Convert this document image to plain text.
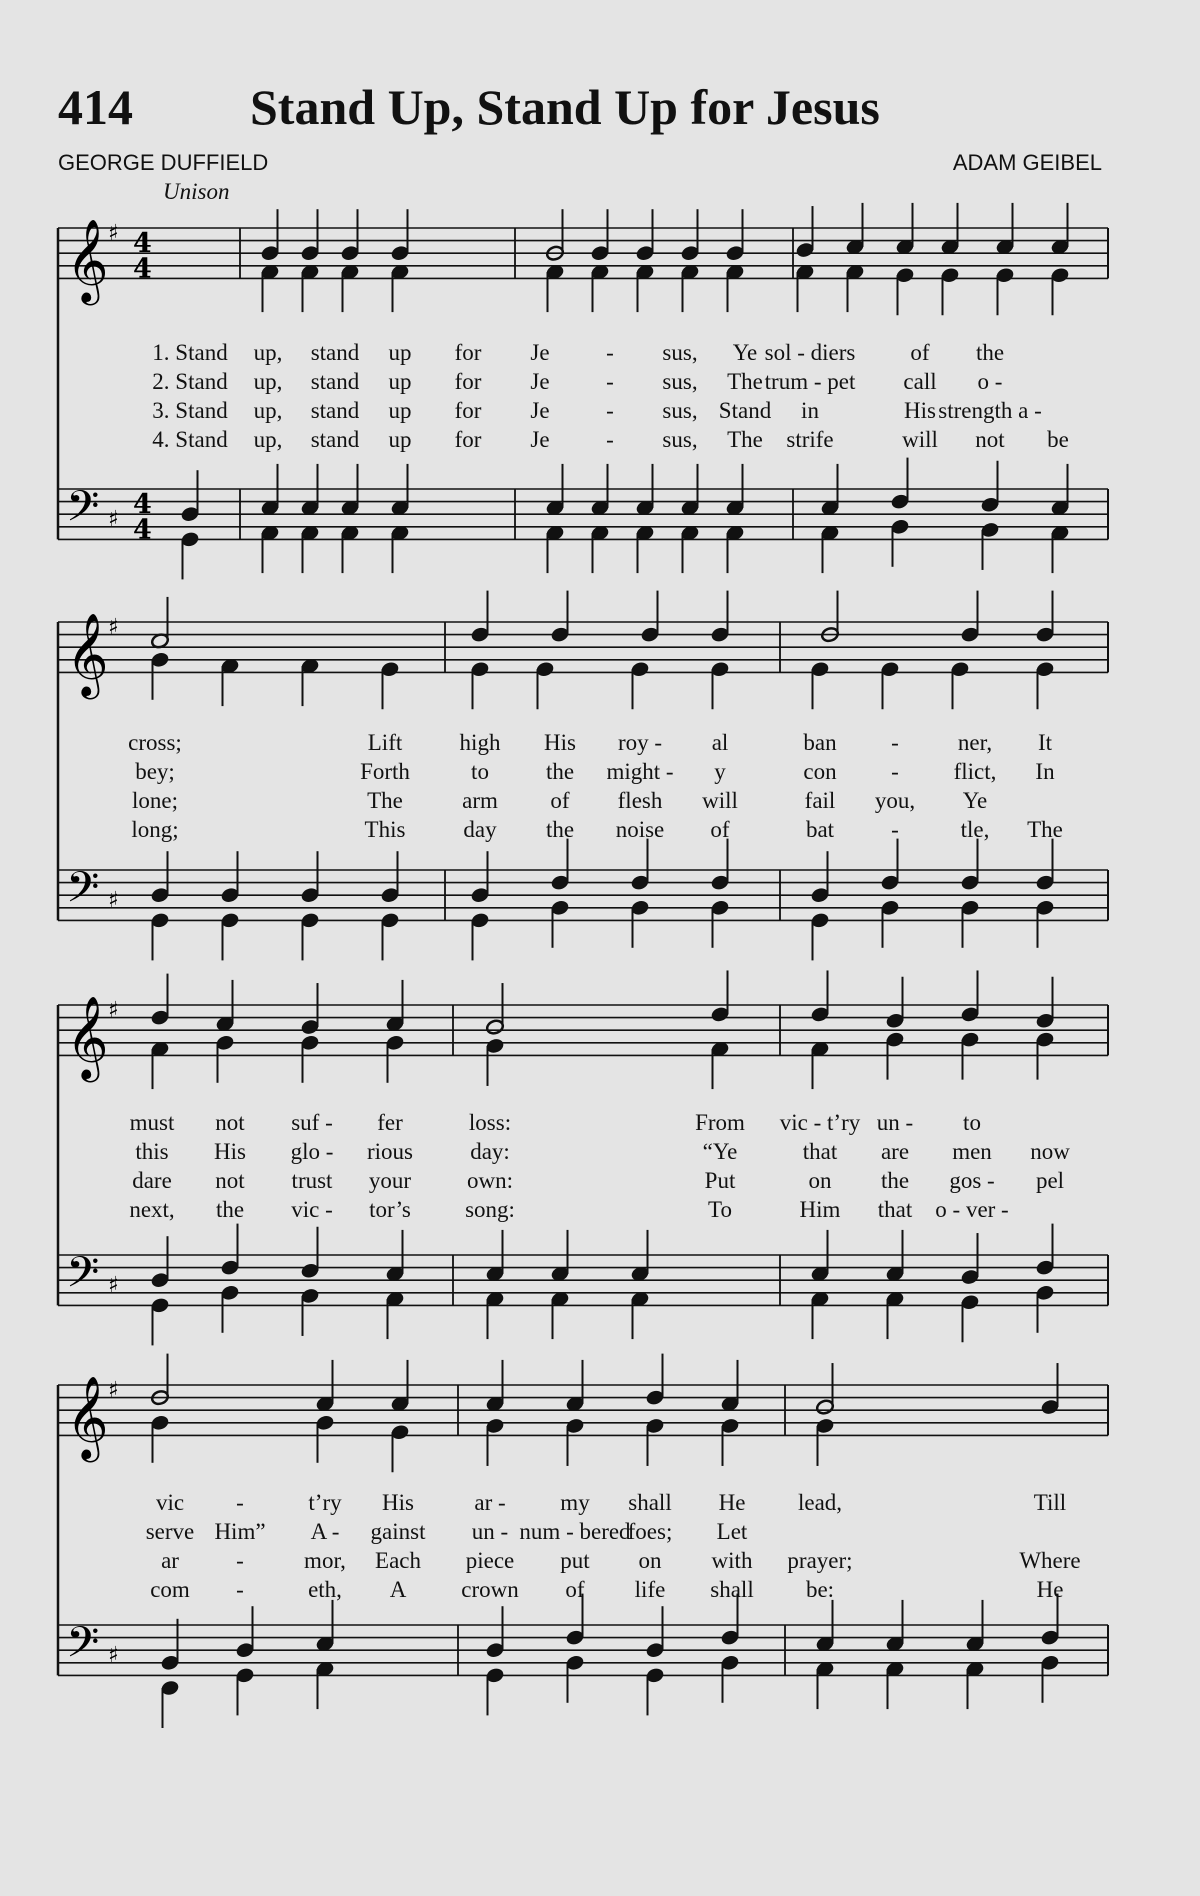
414 Stand Up, Stand Up for Jesus
GEORGE DUFFIELD	ADAM GEIBEL
Unison
𝄞
𝄢
♯
♯
4
4
4
4
1. Stand up, stand up for Je - sus, Ye sol - diers of the
2. Stand up, stand up for Je - sus, The trum - pet call o -
3. Stand up, stand up for Je - sus, Stand in	His strength a -
4. Stand up, stand up for Je - sus, The strife	will not be
𝄞
𝄢
♯
♯
cross;	Lift high His roy - al	ban -	ner, It
bey;	Forth	to the might - y	con - flict, In
lone;	The	arm of flesh will	fail you, Ye
long;	This	day the noise of	bat -	tle, The
𝄞
𝄢
♯
♯
must not suf - fer	loss:	From vic - t’ry un - to
this His glo - rious day:	“Ye	that are men now
dare not trust your own:	Put	on the gos - pel
next, the vic - tor’s song:	To	Him that o - ver -
𝄞
𝄢
♯
♯
vic -	t’ry His	ar - my shall He lead,	Till
serve Him” A - gainst un - num - bered
foes; Let
ar -	mor, Each piece put on with prayer;	Where
com -	eth, A crown of life shall be:	He
